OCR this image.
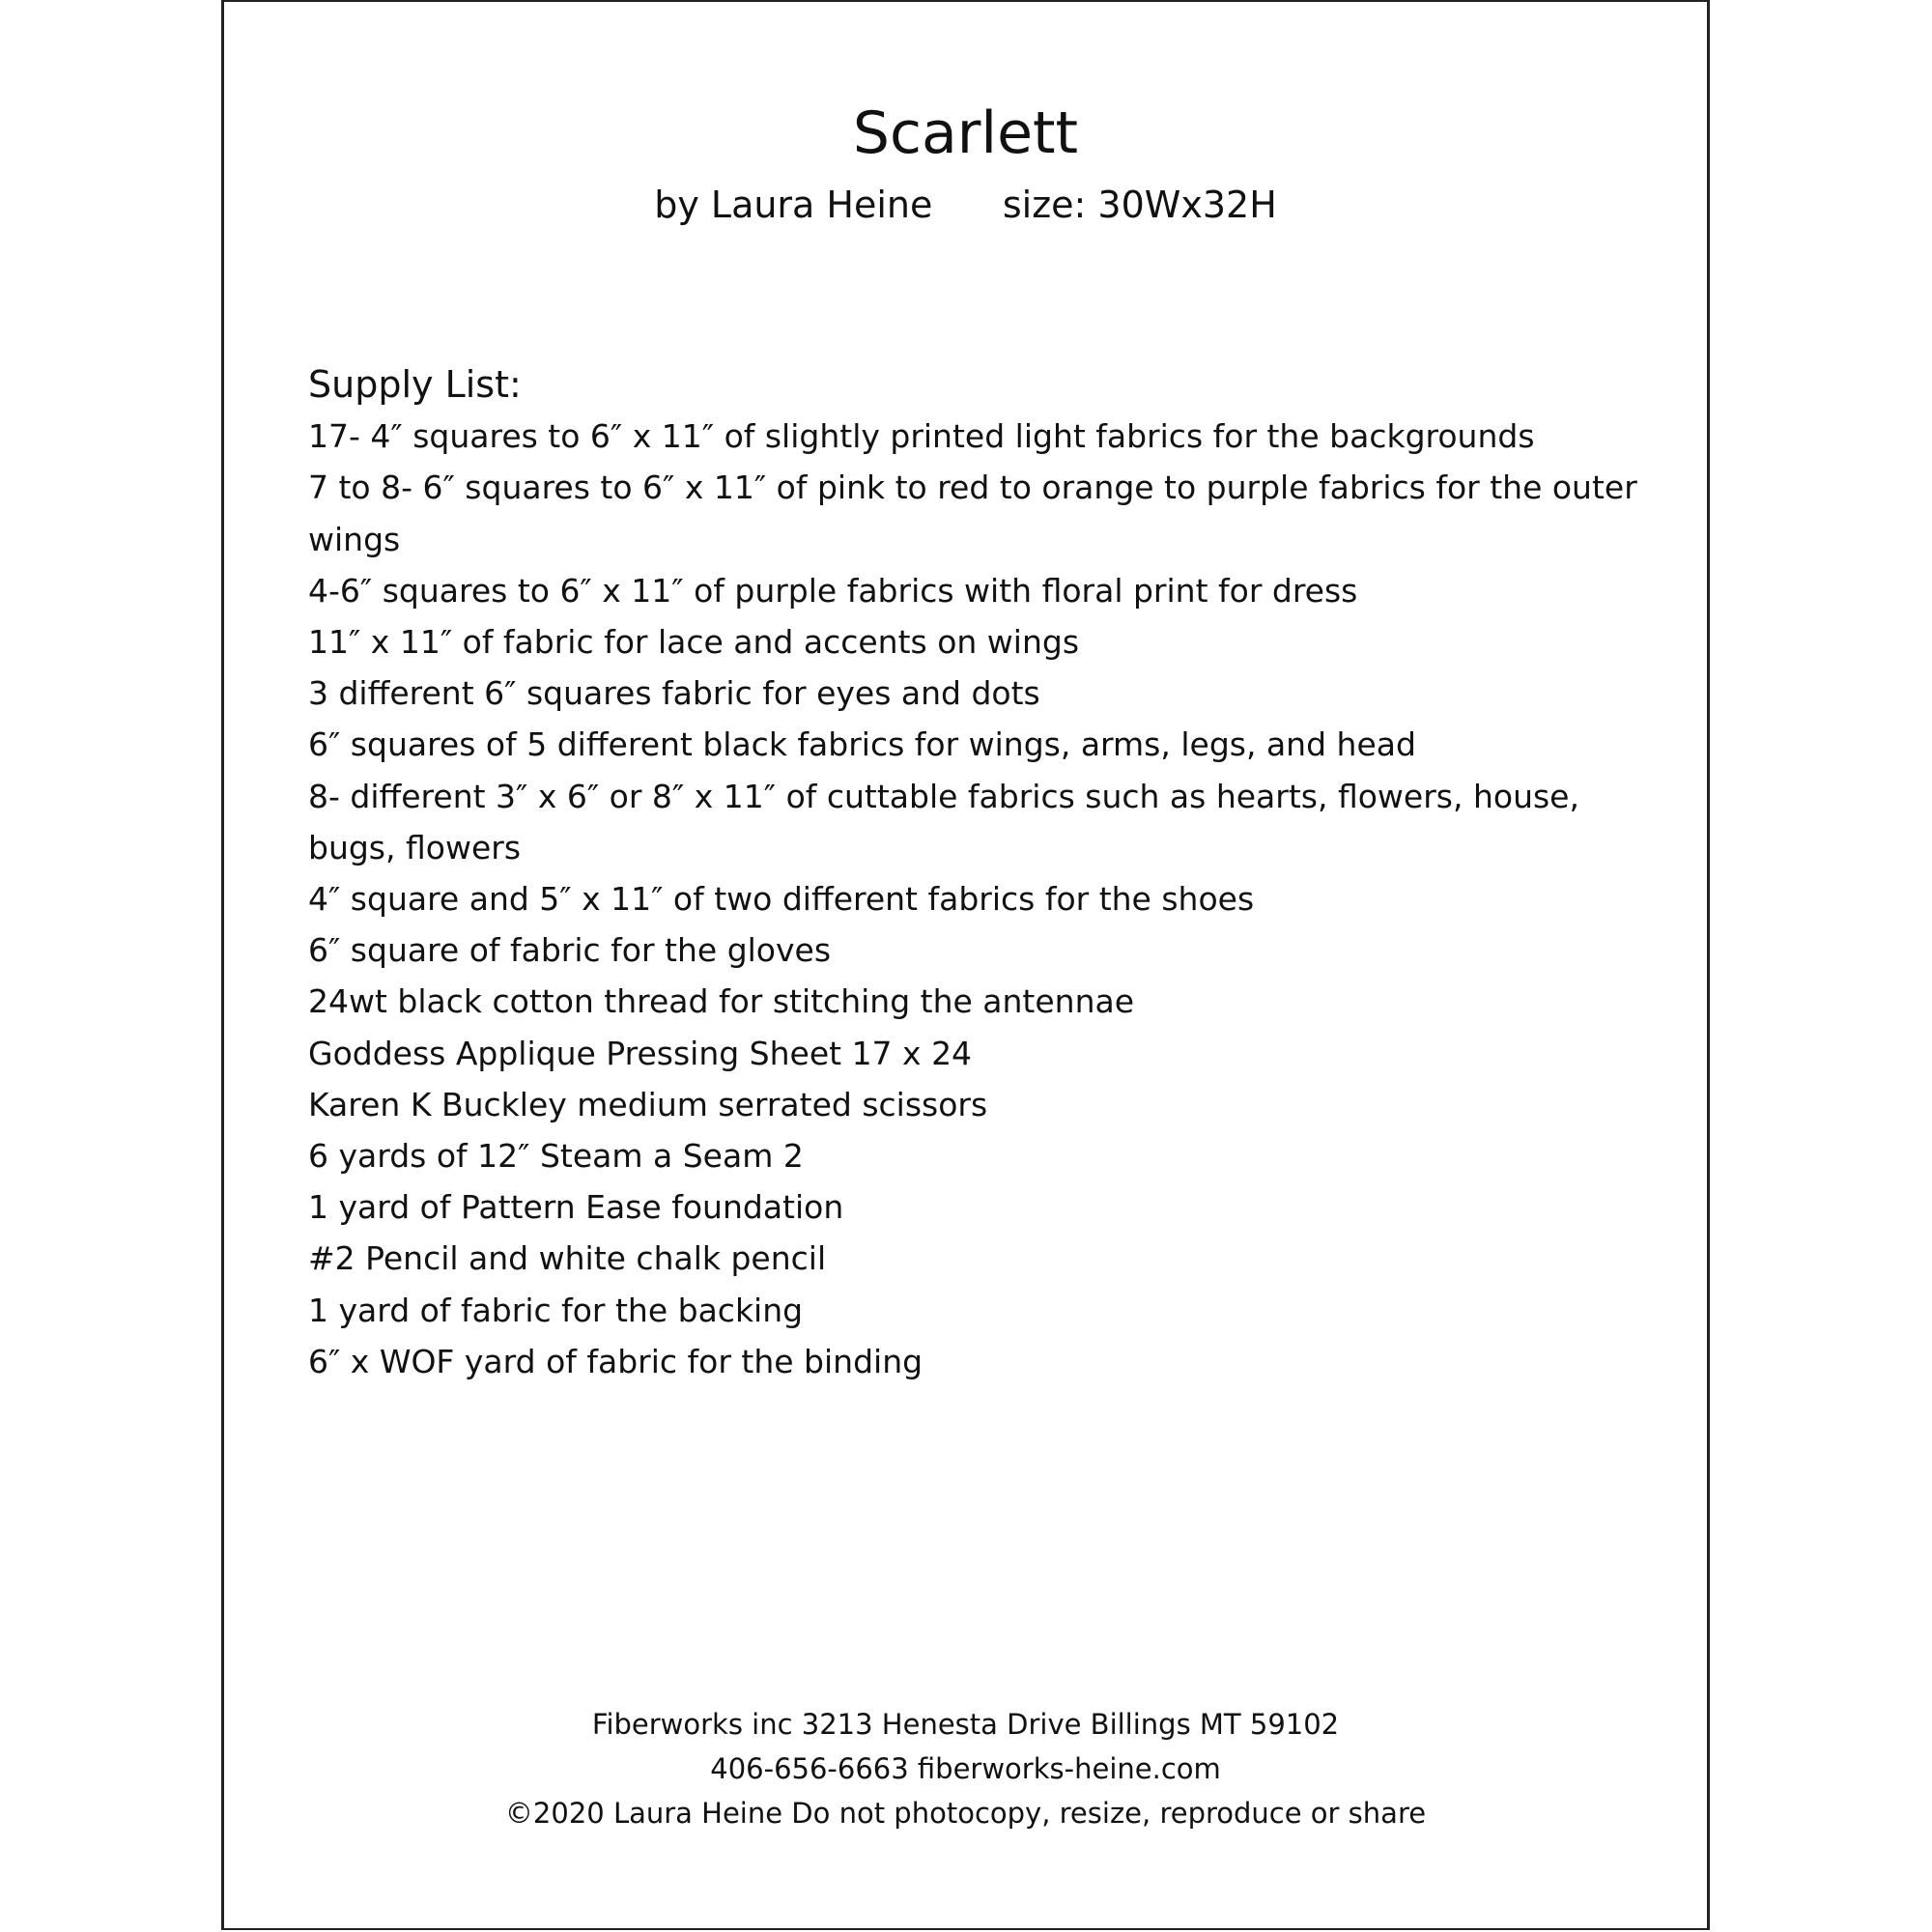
Scarlett
by Laura Heine      size: 30Wx32H
Supply List:
17- 4″ squares to 6″ x 11″ of slightly printed light fabrics for the backgrounds
7 to 8- 6″ squares to 6″ x 11″ of pink to red to orange to purple fabrics for the outer wings
4-6″ squares to 6″ x 11″ of purple fabrics with floral print for dress
11″ x 11″ of fabric for lace and accents on wings
3 different 6″ squares fabric for eyes and dots
6″ squares of 5 different black fabrics for wings, arms, legs, and head
8- different 3″ x 6″ or 8″ x 11″ of cuttable fabrics such as hearts, flowers, house, bugs, flowers
4″ square and 5″ x 11″ of two different fabrics for the shoes
6″ square of fabric for the gloves
24wt black cotton thread for stitching the antennae
Goddess Applique Pressing Sheet 17 x 24
Karen K Buckley medium serrated scissors
6 yards of 12″ Steam a Seam 2
1 yard of Pattern Ease foundation
#2 Pencil and white chalk pencil
1 yard of fabric for the backing
6″ x WOF yard of fabric for the binding
Fiberworks inc 3213 Henesta Drive Billings MT 59102
406-656-6663 fiberworks-heine.com
©2020 Laura Heine Do not photocopy, resize, reproduce or share
